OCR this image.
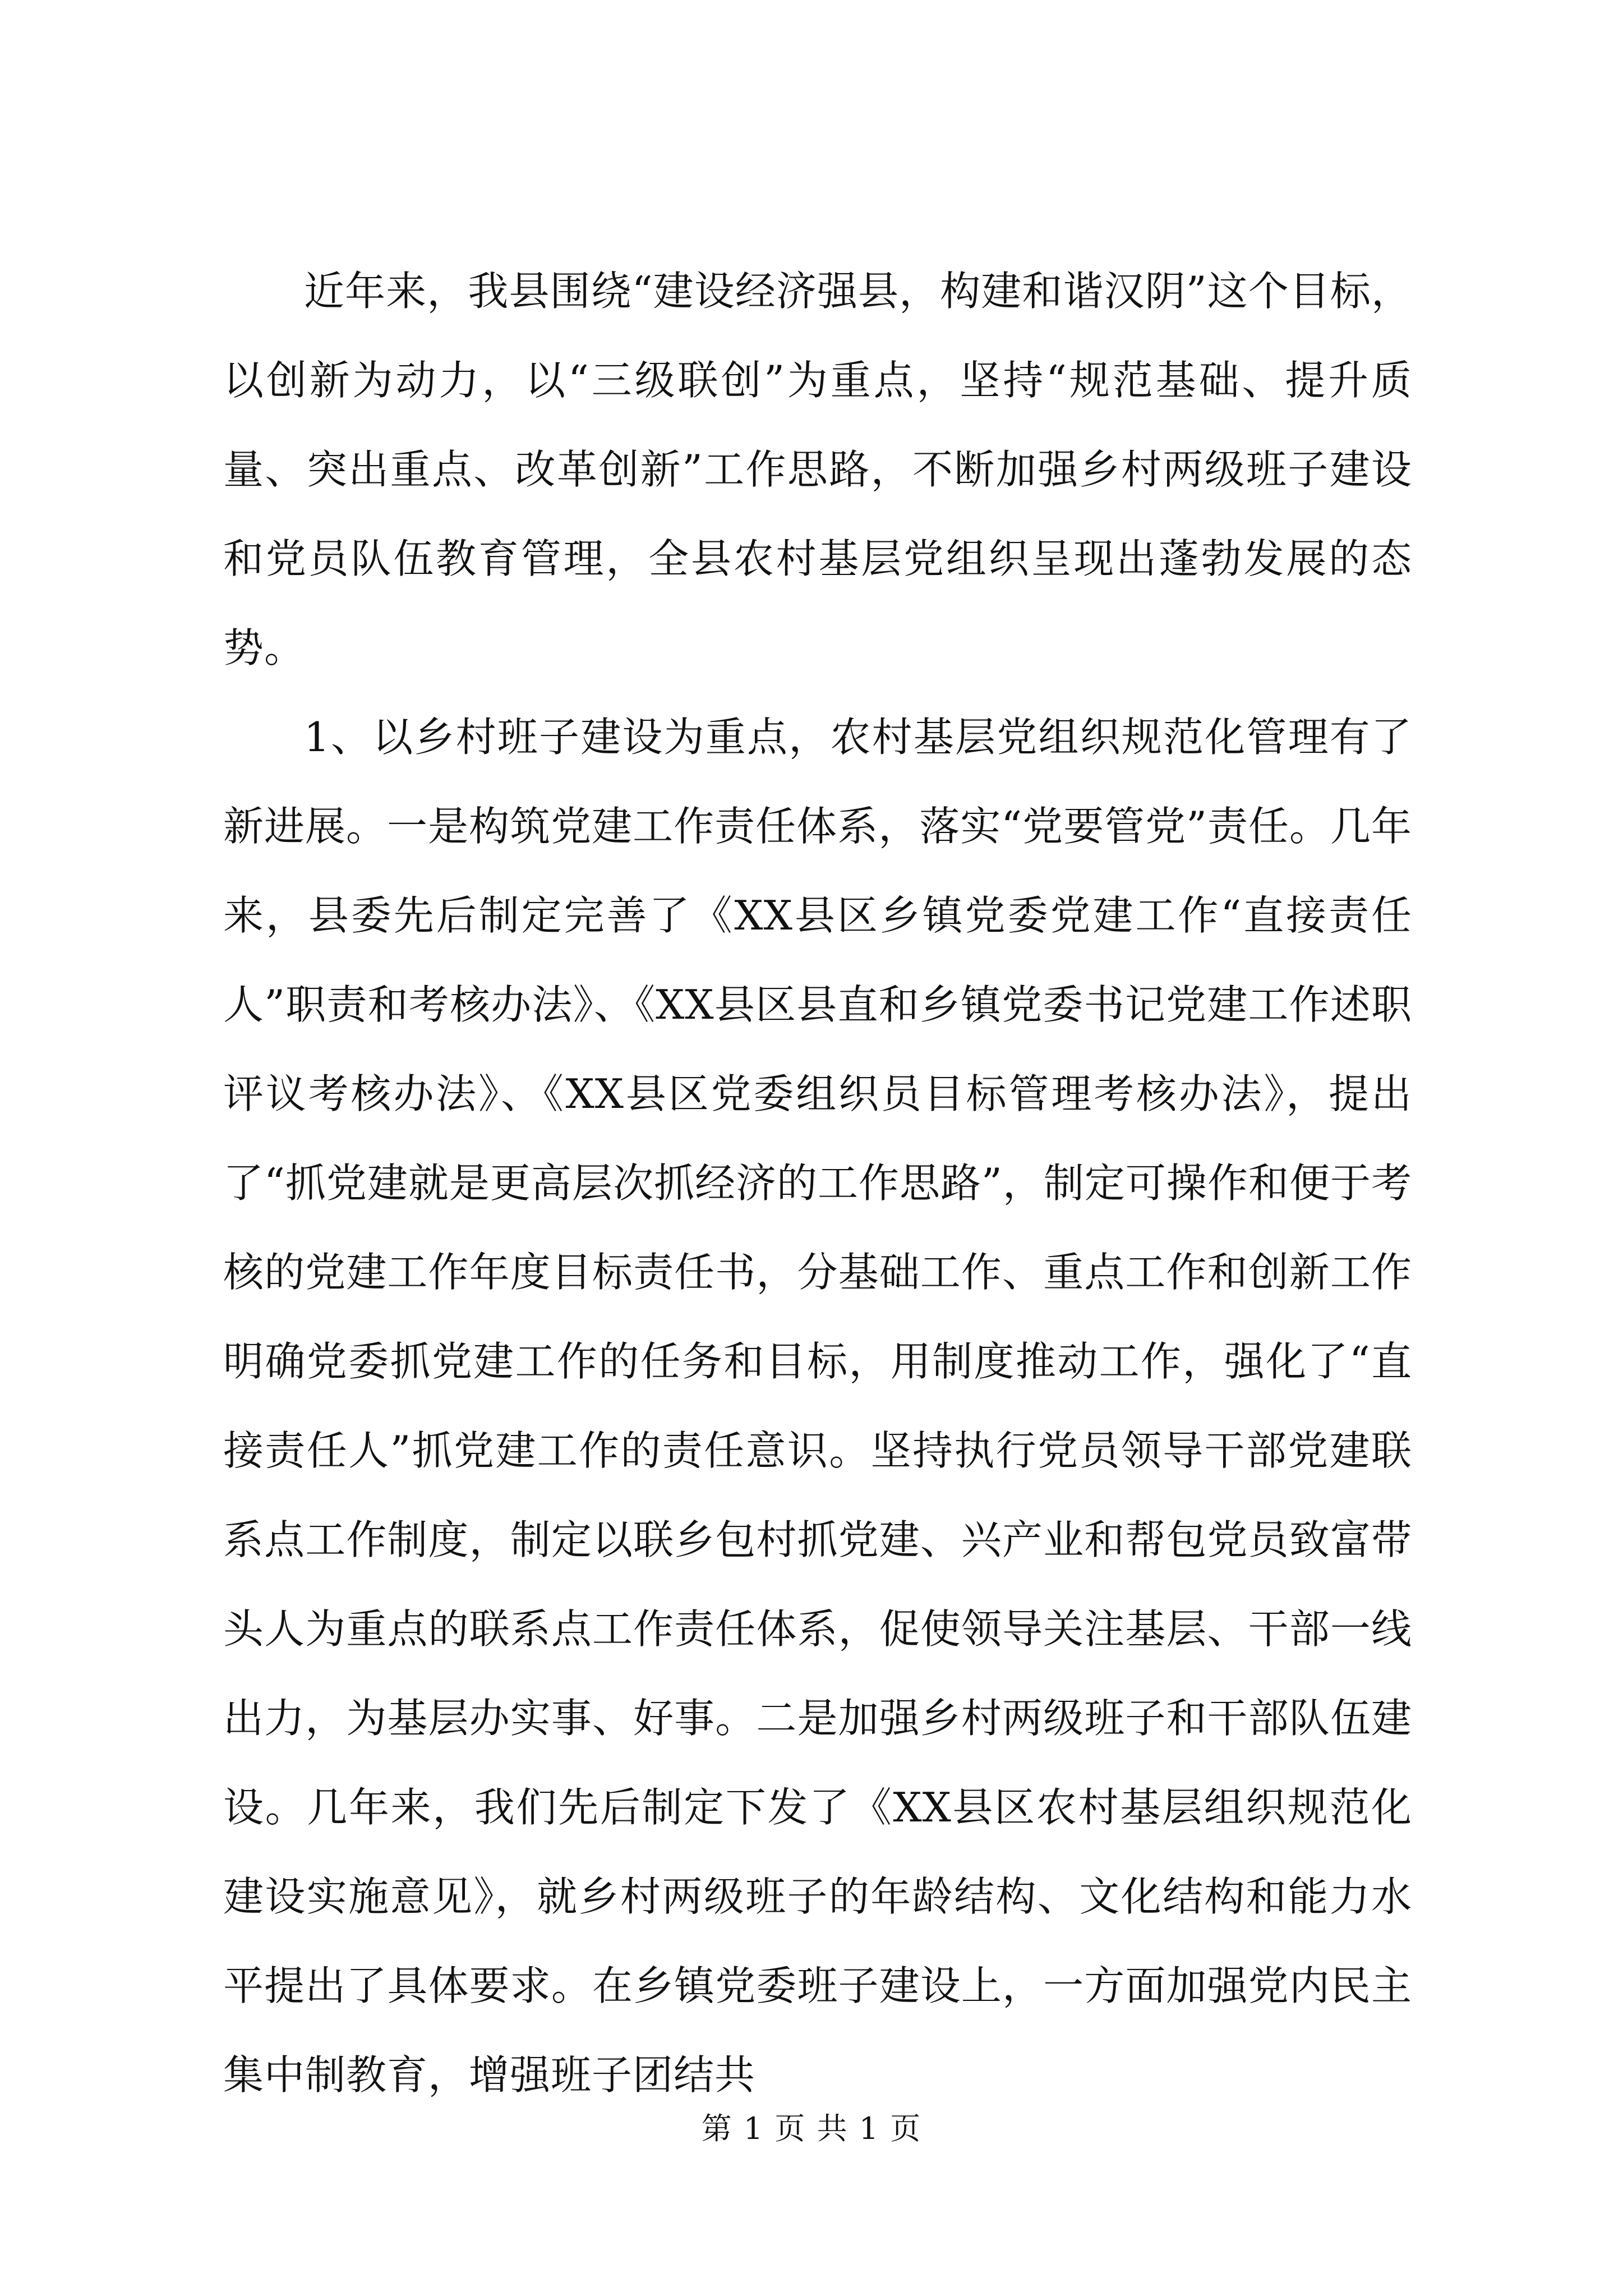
近年来，我县围绕“建设经济强县，构建和谐汉阴”这个目标，以创新为动力，以“三级联创”为重点，坚持“规范基础、提升质量、突出重点、改革创新”工作思路，不断加强乡村两级班子建设和党员队伍教育管理，全县农村基层党组织呈现出蓬勃发展的态势。

1、以乡村班子建设为重点，农村基层党组织规范化管理有了新进展。一是构筑党建工作责任体系，落实“党要管党”责任。几年来，县委先后制定完善了《XX县区乡镇党委党建工作“直接责任人”职责和考核办法》、《XX县区县直和乡镇党委书记党建工作述职评议考核办法》、《XX县区党委组织员目标管理考核办法》，提出了“抓党建就是更高层次抓经济的工作思路”，制定可操作和便于考核的党建工作年度目标责任书，分基础工作、重点工作和创新工作明确党委抓党建工作的任务和目标，用制度推动工作，强化了“直接责任人”抓党建工作的责任意识。坚持执行党员领导干部党建联系点工作制度，制定以联乡包村抓党建、兴产业和帮包党员致富带头人为重点的联系点工作责任体系，促使领导关注基层、干部一线出力，为基层办实事、好事。二是加强乡村两级班子和干部队伍建设。几年来，我们先后制定下发了《XX县区农村基层组织规范化建设实施意见》，就乡村两级班子的年龄结构、文化结构和能力水平提出了具体要求。在乡镇党委班子建设上，一方面加强党内民主集中制教育，增强班子团结共

第 1 页 共 1 页
